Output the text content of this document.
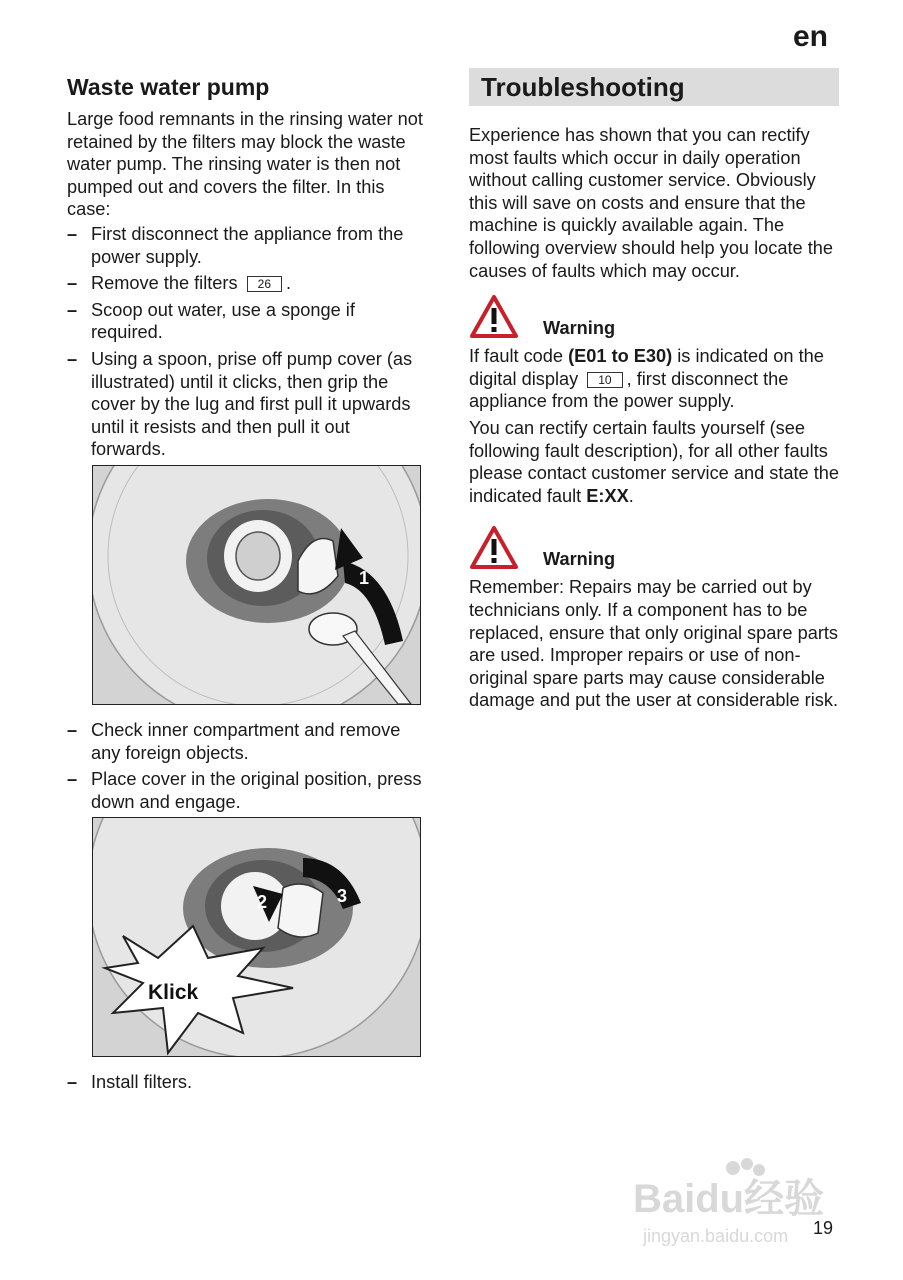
en
Waste water pump

Large food remnants in the rinsing water not retained by the filters may block the waste water pump. The rinsing water is then not pumped out and covers the filter. In this case:

– First disconnect the appliance from the power supply.
– Remove the filters 26 .
– Scoop out water, use a sponge if required.
– Using a spoon, prise off pump cover (as illustrated) until it clicks, then grip the cover by the lug and first pull it upwards until it resists and then pull it out forwards.
1
– Check inner compartment and remove any foreign objects.
– Place cover in the original position, press down and engage.
2	3
Klick
– Install filters.
Troubleshooting

Experience has shown that you can rectify most faults which occur in daily operation without calling customer service. Obviously this will save on costs and ensure that the machine is quickly available again. The following overview should help you locate the causes of faults which may occur.

Warning

If fault code (E01 to E30) is indicated on the digital display 10 , first disconnect the appliance from the power supply.

You can rectify certain faults yourself (see following fault description), for all other faults please contact customer service and state the indicated fault E:XX.

Warning

Remember: Repairs may be carried out by technicians only. If a component has to be replaced, ensure that only original spare parts are used. Improper repairs or use of non-original spare parts may cause considerable damage and put the user at considerable risk.

Baidu经验
jingyan.baidu.com 19
